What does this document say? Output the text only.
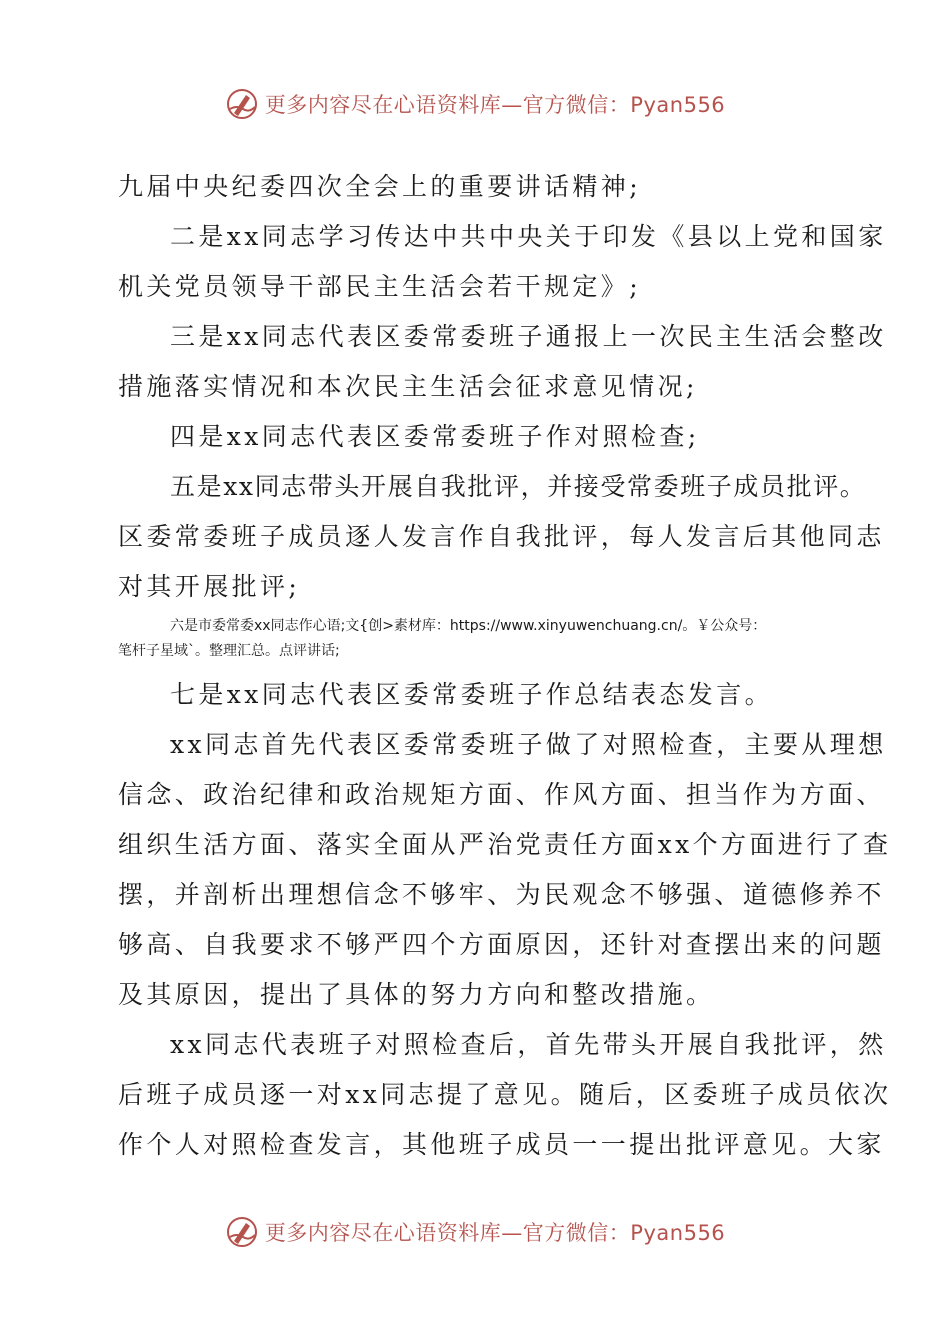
更多内容尽在心语资料库—官方微信：Pyan556
九届中央纪委四次全会上的重要讲话精神;
二是xx同志学习传达中共中央关于印发《县以上党和国家
机关党员领导干部民主生活会若干规定》;
三是xx同志代表区委常委班子通报上一次民主生活会整改
措施落实情况和本次民主生活会征求意见情况;
四是xx同志代表区委常委班子作对照检查;
五是xx同志带头开展自我批评，并接受常委班子成员批评。
区委常委班子成员逐人发言作自我批评，每人发言后其他同志
对其开展批评;
六是市委常委xx同志作心语;文{创>素材库：https://www.xinyuwenchuang.cn/。￥公众号：
笔杆子星域`。整理汇总。点评讲话;
七是xx同志代表区委常委班子作总结表态发言。
xx同志首先代表区委常委班子做了对照检查，主要从理想
信念、政治纪律和政治规矩方面、作风方面、担当作为方面、
组织生活方面、落实全面从严治党责任方面xx个方面进行了查
摆，并剖析出理想信念不够牢、为民观念不够强、道德修养不
够高、自我要求不够严四个方面原因，还针对查摆出来的问题
及其原因，提出了具体的努力方向和整改措施。
xx同志代表班子对照检查后，首先带头开展自我批评，然
后班子成员逐一对xx同志提了意见。随后，区委班子成员依次
作个人对照检查发言，其他班子成员一一提出批评意见。大家
更多内容尽在心语资料库—官方微信：Pyan556
